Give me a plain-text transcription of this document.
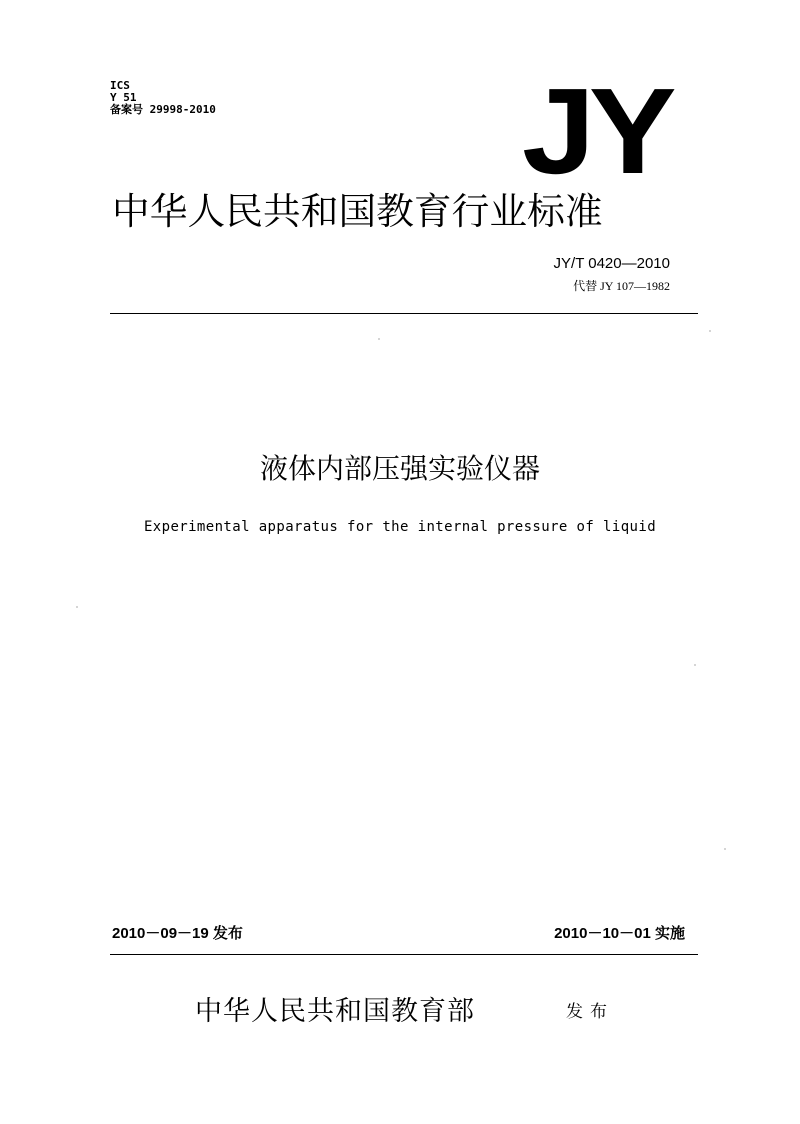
ICS
Y 51
备案号 29998-2010	JY
中华人民共和国教育行业标准
JY/T 0420—2010
代替 JY 107—1982
液体内部压强实验仪器
Experimental apparatus for the internal pressure of liquid
2010－09－19 发布	2010－10－01 实施
中华人民共和国教育部	发布
